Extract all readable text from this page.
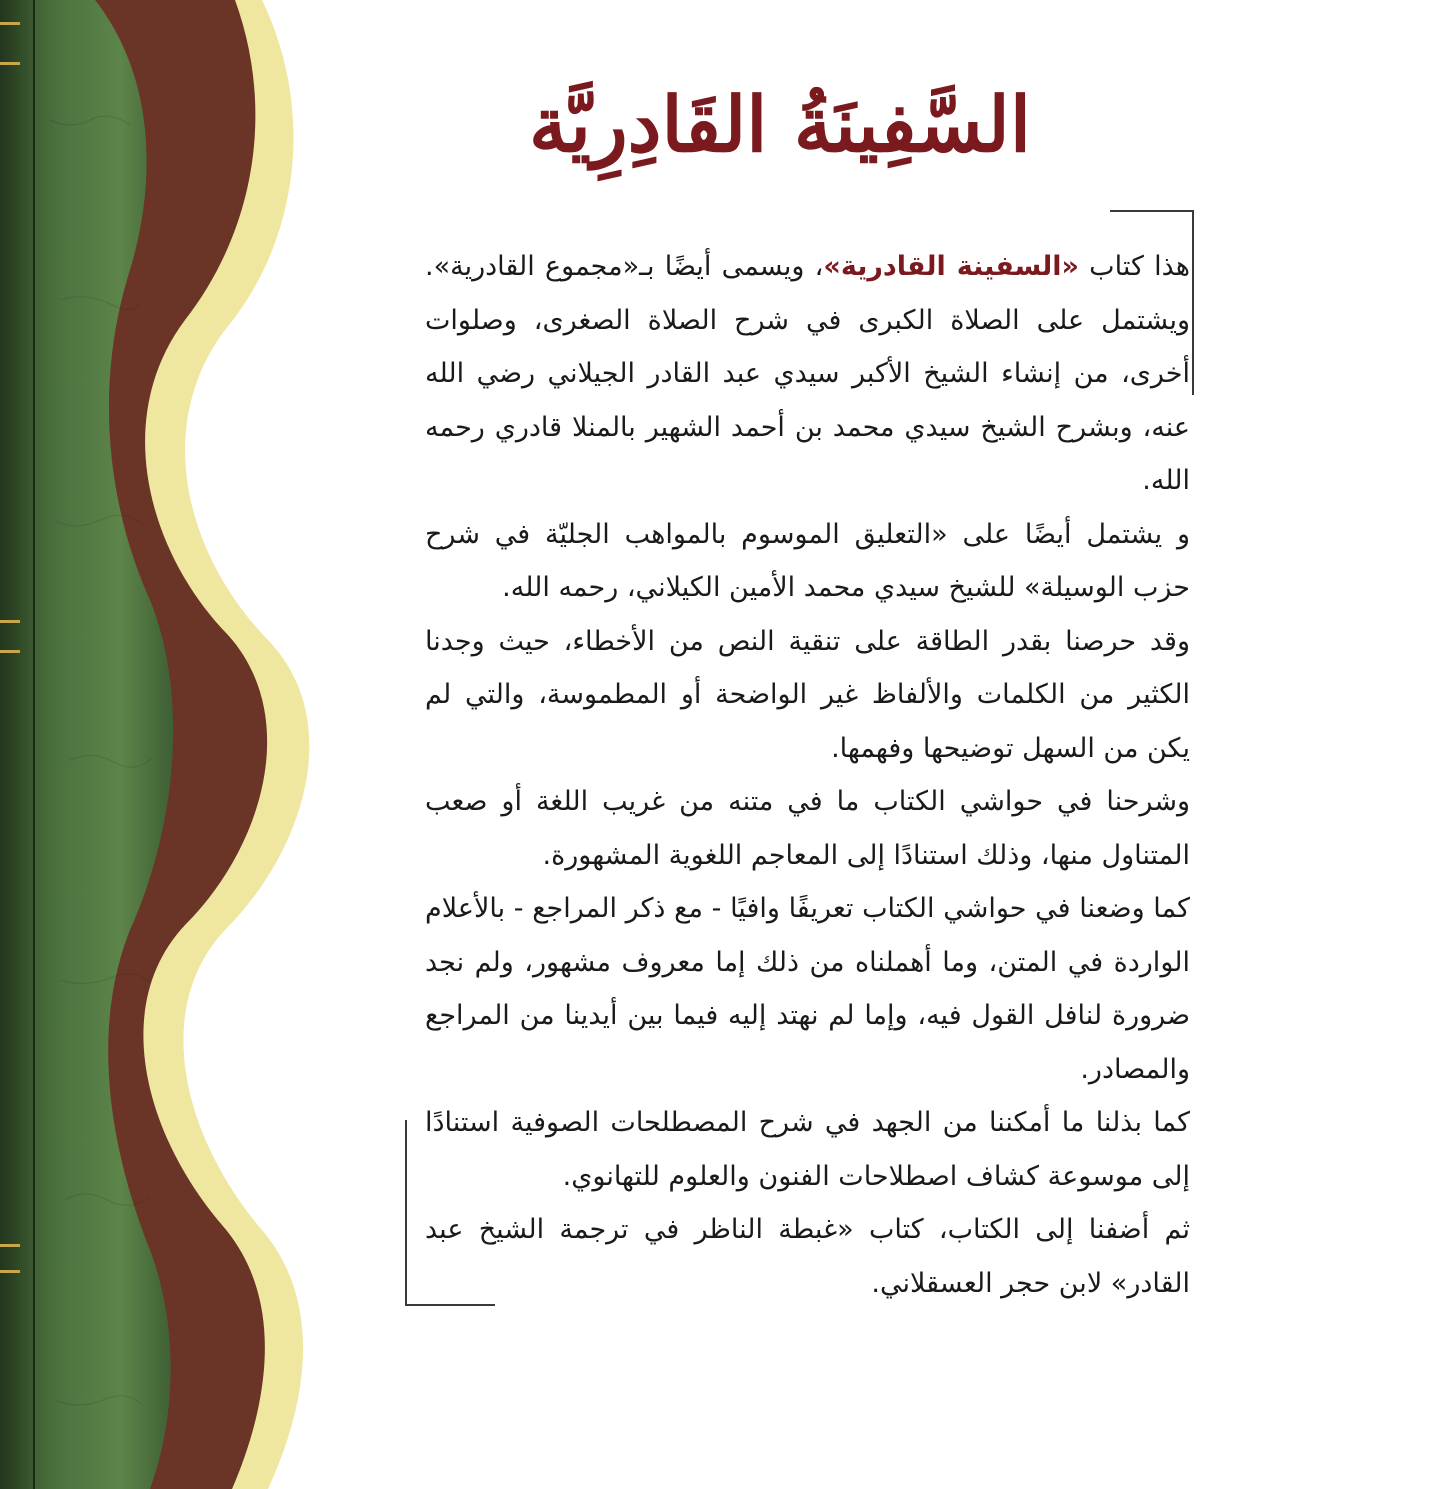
السَّفِينَةُ القَادِرِيَّة

هذا كتاب «السفينة القادرية»، ويسمى أيضًا بـ«مجموع القادرية». ويشتمل على الصلاة الكبرى في شرح الصلاة الصغرى، وصلوات أخرى، من إنشاء الشيخ الأكبر سيدي عبد القادر الجيلاني رضي الله عنه، وبشرح الشيخ سيدي محمد بن أحمد الشهير بالمنلا قادري رحمه الله.

و يشتمل أيضًا على «التعليق الموسوم بالمواهب الجليّة في شرح حزب الوسيلة» للشيخ سيدي محمد الأمين الكيلاني، رحمه الله.

وقد حرصنا بقدر الطاقة على تنقية النص من الأخطاء، حيث وجدنا الكثير من الكلمات والألفاظ غير الواضحة أو المطموسة، والتي لم يكن من السهل توضيحها وفهمها.

وشرحنا في حواشي الكتاب ما في متنه من غريب اللغة أو صعب المتناول منها، وذلك استنادًا إلى المعاجم اللغوية المشهورة.

كما وضعنا في حواشي الكتاب تعريفًا وافيًا - مع ذكر المراجع - بالأعلام الواردة في المتن، وما أهملناه من ذلك إما معروف مشهور، ولم نجد ضرورة لنافل القول فيه، وإما لم نهتد إليه فيما بين أيدينا من المراجع والمصادر.

كما بذلنا ما أمكننا من الجهد في شرح المصطلحات الصوفية استنادًا إلى موسوعة كشاف اصطلاحات الفنون والعلوم للتهانوي.

ثم أضفنا إلى الكتاب، كتاب «غبطة الناظر في ترجمة الشيخ عبد القادر» لابن حجر العسقلاني.
